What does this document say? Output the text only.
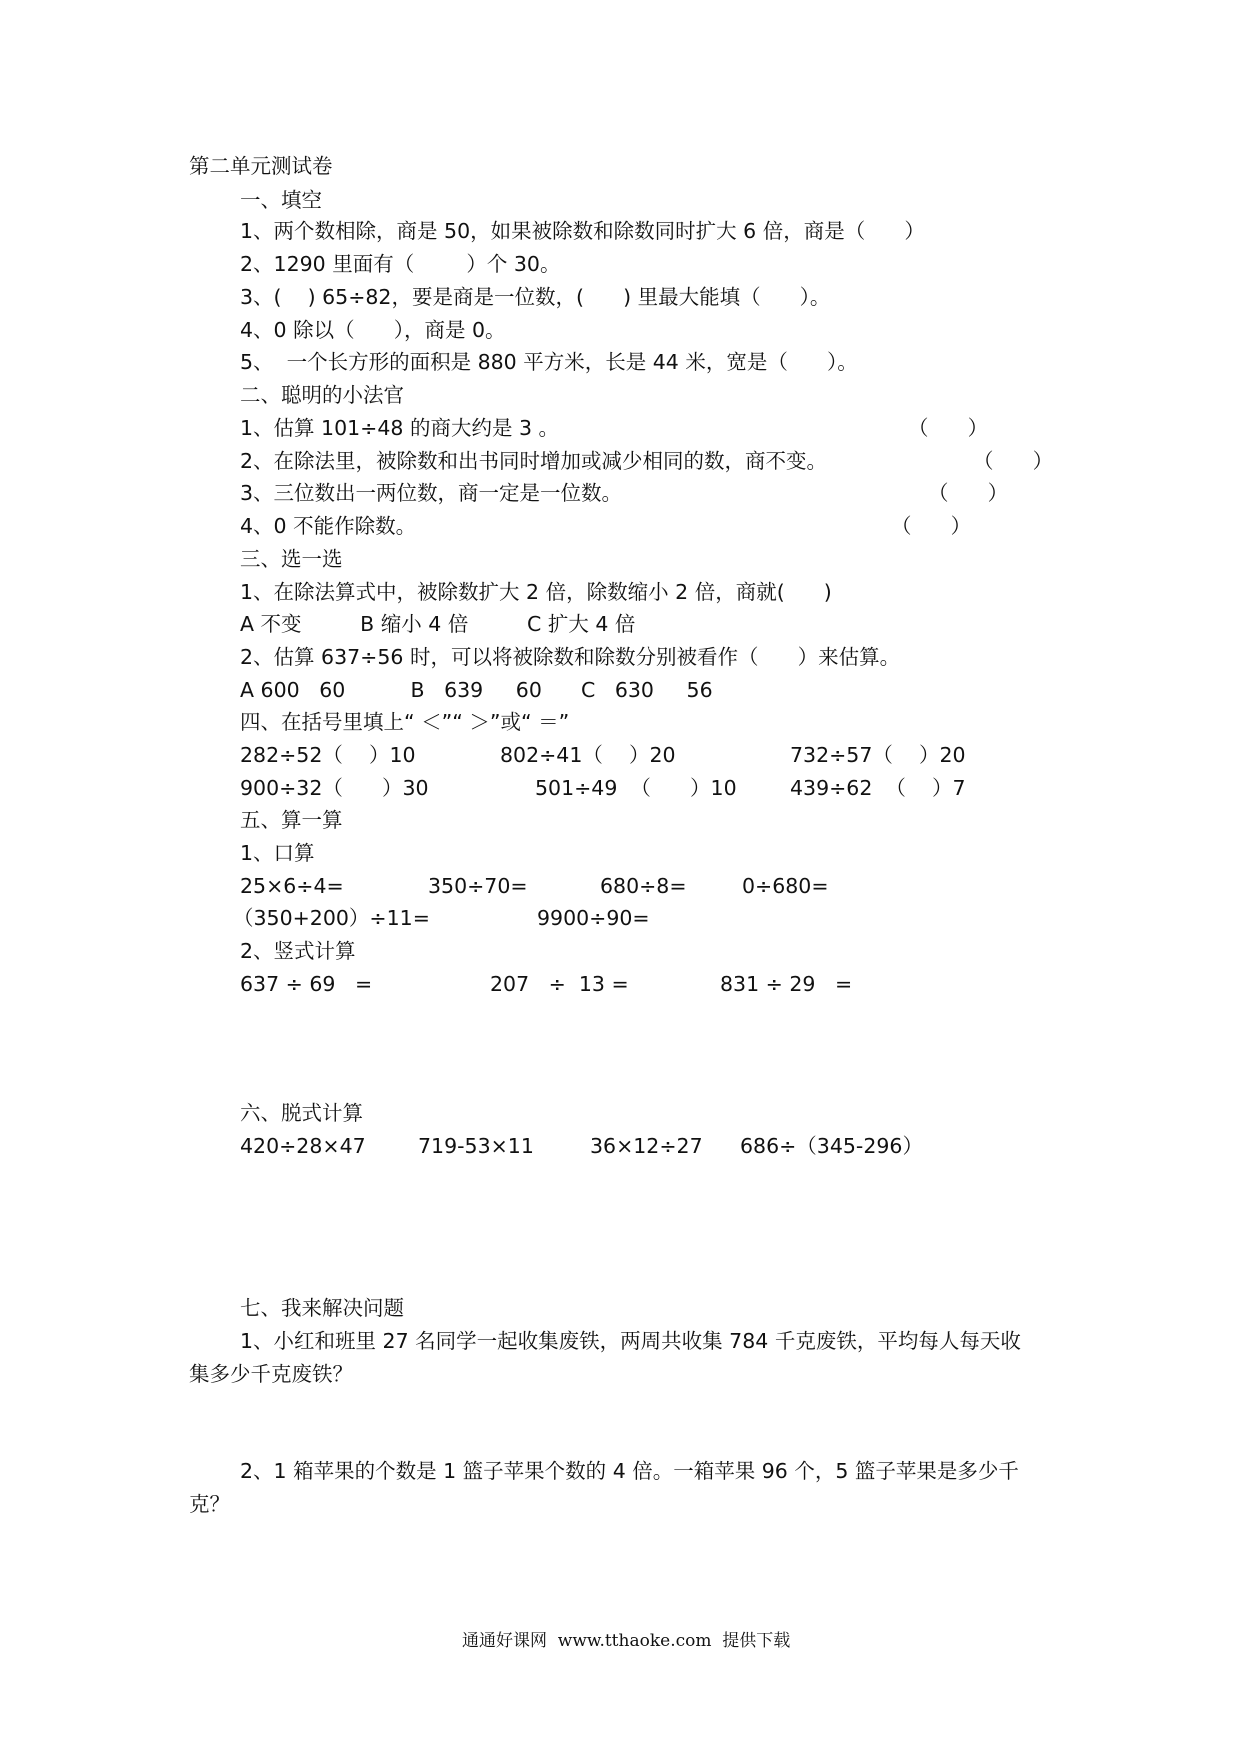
第二单元测试卷
一、填空
1、两个数相除，商是 50，如果被除数和除数同时扩大 6 倍，商是（      ）
2、1290 里面有（        ）个 30。
3、(    ) 65÷82，要是商是一位数，(      ) 里最大能填（      ）。
4、0 除以（      ），商是 0。
5、  一个长方形的面积是 880 平方米，长是 44 米，宽是（      ）。
二、聪明的小法官
1、估算 101÷48 的商大约是 3 。	（      ）
2、在除法里，被除数和出书同时增加或减少相同的数，商不变。	（      ）
3、三位数出一两位数，商一定是一位数。	（      ）
4、0 不能作除数。	（      ）
三、选一选
1、在除法算式中，被除数扩大 2 倍，除数缩小 2 倍，商就(      )
A 不变         B 缩小 4 倍         C 扩大 4 倍
2、估算 637÷56 时，可以将被除数和除数分别被看作（      ）来估算。
A 600   60          B   639     60      C   630     56
四、在括号里填上“ ＜”“ ＞”或“ ＝”
282÷52（    ）10	802÷41（    ）20	732÷57（    ）20
900÷32（      ）30	501÷49  （      ）10	439÷62  （    ）7
五、算一算
1、口算
25×6÷4=	350÷70=	680÷8=	0÷680=
（350+200）÷11=	9900÷90=
2、竖式计算
637 ÷ 69   =	207   ÷  13 =	831 ÷ 29   =
六、脱式计算
420÷28×47	719-53×11	36×12÷27 686÷（345-296）
七、我来解决问题
1、小红和班里 27 名同学一起收集废铁，两周共收集 784 千克废铁，平均每人每天收
集多少千克废铁？
2、1 箱苹果的个数是 1 篮子苹果个数的 4 倍。一箱苹果 96 个，5 篮子苹果是多少千
克？
通通好课网  www.tthaoke.com  提供下载
